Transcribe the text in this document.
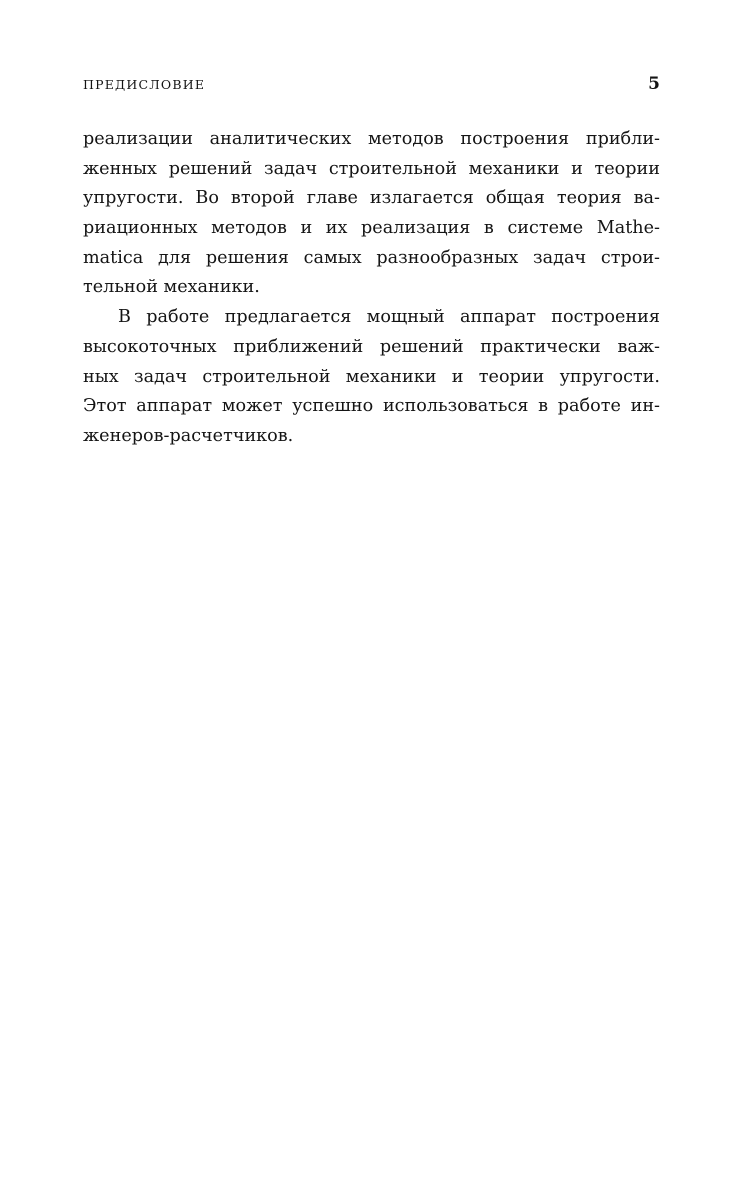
ПРЕДИСЛОВИЕ	5
реализации аналитических методов построения прибли-
женных решений задач строительной механики и теории
упругости. Во второй главе излагается общая теория ва-
риационных методов и их реализация в системе Mathe-
matica для решения самых разнообразных задач строи-
тельной механики.
В работе предлагается мощный аппарат построения
высокоточных приближений решений практически важ-
ных задач строительной механики и теории упругости.
Этот аппарат может успешно использоваться в работе ин-
женеров-расчетчиков.
